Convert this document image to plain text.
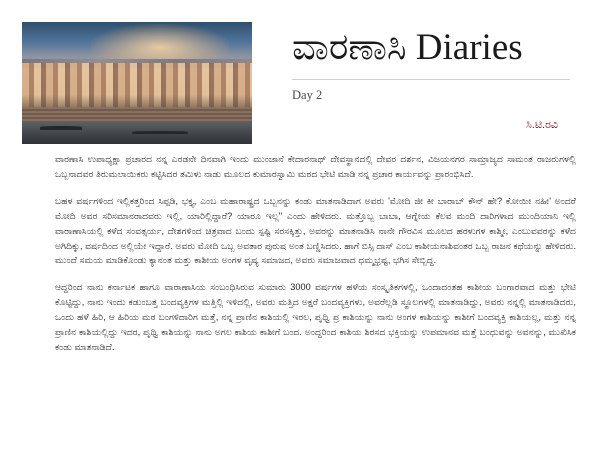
ವಾರಣಾಸಿ Diaries
Day 2
ಸಿ.ಟಿ.ರವಿ

ವಾರಣಾಸಿ ಉಪಾಧ್ಯಕ್ಷಾ ಪ್ರಚಾರದ ನನ್ನ ಎರಡನೇ ದಿನವಾಗಿ ಇಂದು ಮುಂಜಾನೆ ಕೇದಾರನಾಥ್ ದೇವಸ್ಥಾನದಲ್ಲಿ ದೇವರ ದರ್ಶನ, ವಿಜಯನಗರ ಸಾಮ್ರಾಜ್ಯದ ಸಾಮಂತ ರಾಜರುಗಳಲ್ಲಿ ಒಬ್ಬನಾದವರ ತಿರುಮಲಾಯಿಕರು ಕಟ್ಟಿಸಿದರ ತಮಿಳು ನಾಡು ಮೂಲದ ಕುಮಾರಸ್ವಾಮಿ ಮಠದ ಭೇಟಿ ಮಾಡಿ ನನ್ನ ಪ್ರಚಾರ ಕಾರ್ಯವನ್ನು ಪ್ರಾರಂಭಿಸಿದೆ.

ಬಹಳ ವರ್ಷಗಳಿಂದ ಇಲ್ಲಿಕತ್ತರಿಂದ ಸಿಪ್ಪಡಿ, ಭಕ್ತ್ಯ, ಎಂಬ ಮಹಾರಾಷ್ಟ್ರದ ಒಬ್ಬನನ್ನು ಕಂಡು ಮಾತನಾಡಿದಾಗ ಅವರು 'ಮೋದಿ ಜೀ ಕೀ ಬಾರಾಬ್ ಕೌನ್ ಹೇ? ಕೋಯೀ ನಹೀ' ಅಂದರೆ ಮೋದಿ ಅವರ ಸರಿಸಮಾನರಾದವರು ಇಲ್ಲಿ, ಯಾರಿಲ್ಲಿದ್ದಾರೆ? ಯಾರೂ ಇಲ್ಲ" ಎಂದು ಹೇಳಿದರು. ಮತ್ತೊಬ್ಬ ಬಾಬಾ, ಆಗ್ನೇಯ ಕೆಲವ ಮಂದಿ ದಾರಿಗಳಾದ ಮುಂದಿಯಾನಿ ಇಲ್ಲಿ ವಾರಾಣಾಸಿಯಲ್ಲಿ ಕಳೆದ ಸಂವತ್ಸರ್ಯ, ದೇಶಗಳಿಂದ ಚಿತ್ರವಾದ ಬಂದು ಸ್ಪಷ್ಟಿ ಸರಸಕ್ಕಿತ್ತು, ಅವರನ್ನು ಮಾತನಾಡಿಸಿ ನಾನೇ ಗೌರವಿಸ ಮೂಲದ ಹರಳುಗಳ ಕಾಶ್ಮೀ, ಎಂಬುವವರನ್ನು ಕಳೆದ ಅಗಿದಿಕ್ಕು, ವರ್ಷದಿಂದ ಅಲ್ಲಿಯೇ ಇದ್ದಾರೆ. ಅವರು ಮೋದಿ ಒಬ್ಬ ಅವತಾರ ಪುರುಷ ಅಂತ ಬಣ್ಣಿಸಿದರು. ಹಾಗೆ ಬಿಸ್ಸಿ ದಾಸ್ ಎಂಬ ಕಾಶೀಯನಾಶಿವಂತರ ಒಬ್ಬ ರಾಜನ ಕಥೆಯನ್ನು ಹೇಳಿದರು. ಮುಂದೆ ಸಮಯ ಮಾಡಿಕೊಂಡು ಕ್ಯಾನಂತ ಮತ್ತು ಕಾಶೀಯ ಅಂಗಳ ವೃಷ್ಯ ಸಮಾಜದ, ಅವರು ಸಮಾಜವಾದ ಧಮ್ಮಭ್ರಷ್ಟ, ಭಗಿಸ ಸೇಬ್ಬಿದ್ದ.

ಆದ್ದರಿಂದ ನಾನು ಕರ್ನಾಟಕ ಹಾಗೂ ವಾರಾಣಾಸಿಯ ಸಂಬಂಧಿಸಿರುವ ಸುಮಾರು 3000 ವರ್ಷಗಳ ಹಳೆಯ ಸಂಸ್ಕೃತಿಕಗಳಲ್ಲಿ, ಒಂದಾದಂತಹ ಕಾಶೀಯ ಬಂಗಾರವಾದ ಮತ್ತು ಭೇಟಿ ಕೊಟ್ಟಿದ್ದು, ನಾನು ಇಂದು ಕಡುಂಬತ್ತ ಬಂದವ್ಯಕ್ತಿಗಳ ಮತ್ತಿಲ್ಲಿ ಇಳಿದಲ್ಲಿ, ಅವರು ಮತ್ತಿದ ಅಕ್ಷರೆ ಬಂದವ್ಯಕ್ತಿಗಳು, ಅವರೆಲ್ಲಡಿ ಸ್ಥೂಲಗಳಲ್ಲಿ ಮಾತನಾಡಿದ್ದು, ಅವರು ನನ್ನಲ್ಲಿ ಮಾತನಾಡಿದರು, ಒಂದು ಹಳೆ ಹಿರಿ, ಆ ಹಿರಿಯ ಮಠ ಬಂಗಳಿದಾರಿಗ ಮತ್ತೆ, ನನ್ನ ಪ್ರಾಣಿನ ಕಾಶಿಯಲ್ಲಿ ಇರಲ, ಪೃಥ್ವಿ ಪ್ರ ಕಾಶಿಯನ್ನು ನಾನು ಅಂಗಳ ಕಾಶಿಯನ್ನು ಕಾಶೀಗೆ ಬಂದವ್ಯಕ್ತಿ ಕಾಶಿಯಲ್ಲ, ಮತ್ತು ನನ್ನ ಪ್ರಾಣಿನ ಕಾಶಿಯಲ್ಲಿದ್ದು ಇದರ, ಪೃಥ್ವಿ ಕಾಶಿಯನ್ನು ನಾನು ಅಗಲ ಕಾಶಿಯ ಕಾಶೀಗೆ ಬಂದ. ಅಂದ್ದರಿಂದ ಕಾಶಿಯ ಶಿರಸದ ಭಕ್ತಿಯನ್ನು ಉಪಮಾನವ ಮತ್ತೆ ಬಂಧುವನ್ನು ಅವನನ್ನು, ಮುಖಿಸಿಕ ಕಂಡು ಮಾತನಾಡಿದೆ.
